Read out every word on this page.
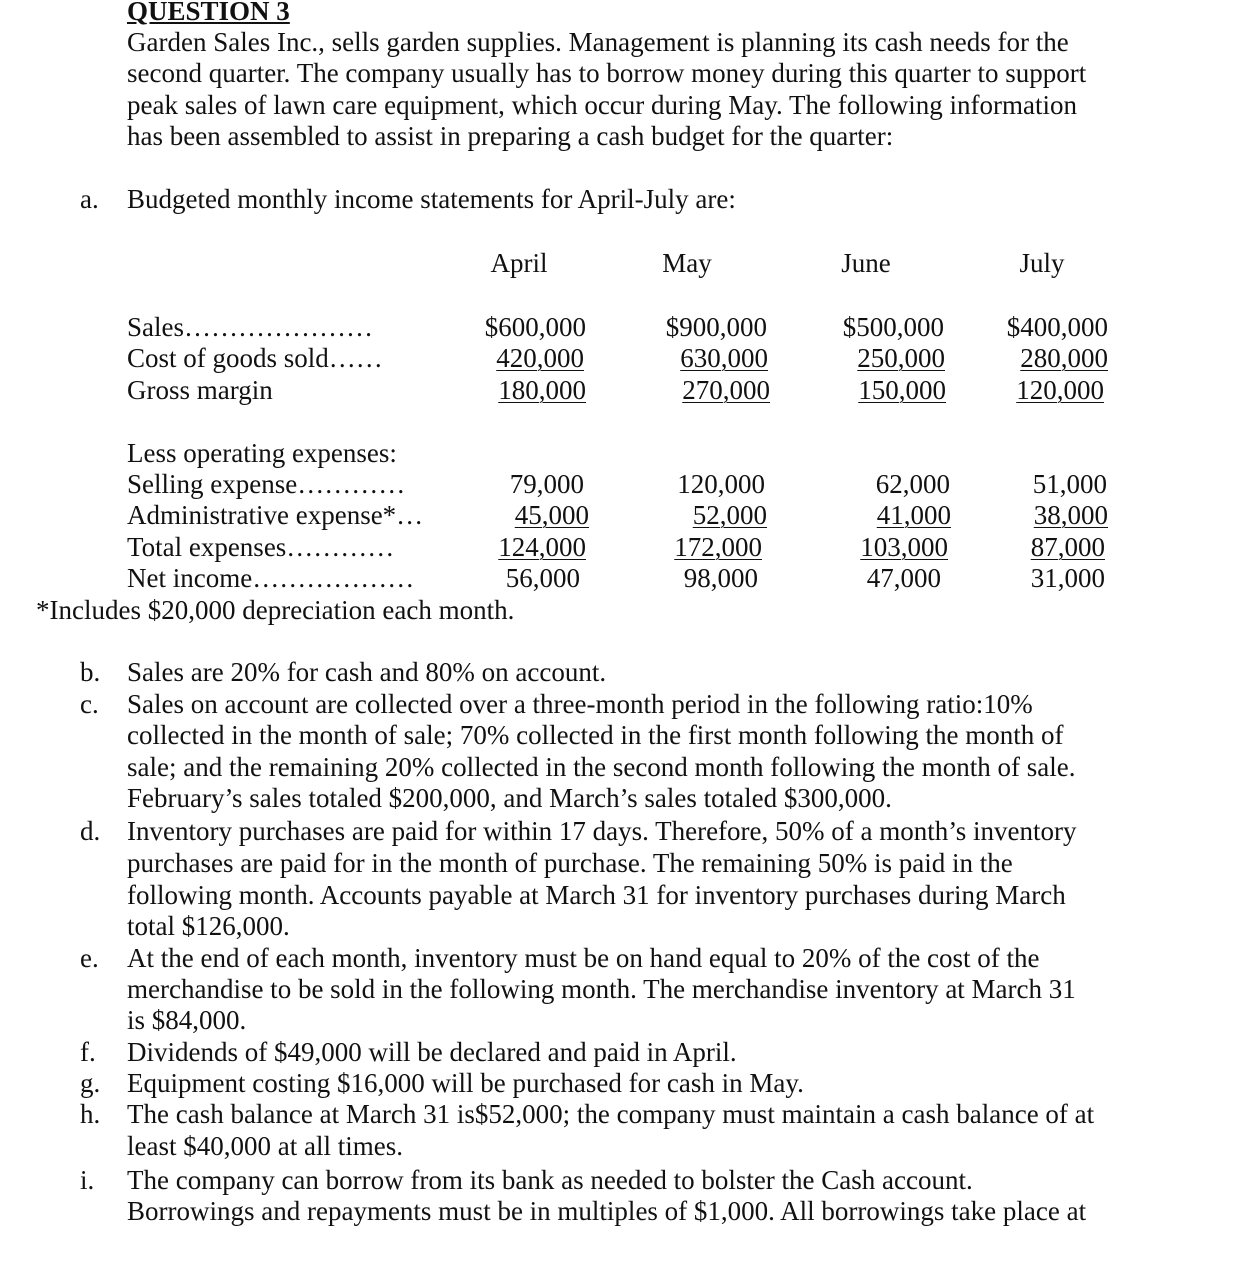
QUESTION 3
Garden Sales Inc., sells garden supplies. Management is planning its cash needs for the
second quarter. The company usually has to borrow money during this quarter to support
peak sales of lawn care equipment, which occur during May. The following information
has been assembled to assist in preparing a cash budget for the quarter:
a. Budgeted monthly income statements for April-July are:
April	May	June	July
Sales…………………	$600,000	$900,000	$500,000	$400,000
Cost of goods sold……	420,000	630,000	250,000	280,000
Gross margin	180,000	270,000	150,000	120,000
Less operating expenses:
Selling expense…………	79,000	120,000	62,000	51,000
Administrative expense*…	45,000	52,000	41,000	38,000
Total expenses…………	124,000	172,000	103,000	87,000
Net income………………	56,000	98,000	47,000	31,000
*Includes $20,000 depreciation each month.
b. Sales are 20% for cash and 80% on account.
c. Sales on account are collected over a three-month period in the following ratio:10%
collected in the month of sale; 70% collected in the first month following the month of
sale; and the remaining 20% collected in the second month following the month of sale.
February’s sales totaled $200,000, and March’s sales totaled $300,000.
d. Inventory purchases are paid for within 17 days. Therefore, 50% of a month’s inventory
purchases are paid for in the month of purchase. The remaining 50% is paid in the
following month. Accounts payable at March 31 for inventory purchases during March
total $126,000.
e. At the end of each month, inventory must be on hand equal to 20% of the cost of the
merchandise to be sold in the following month. The merchandise inventory at March 31
is $84,000.
f. Dividends of $49,000 will be declared and paid in April.
g. Equipment costing $16,000 will be purchased for cash in May.
h. The cash balance at March 31 is$52,000; the company must maintain a cash balance of at
least $40,000 at all times.
i. The company can borrow from its bank as needed to bolster the Cash account.
Borrowings and repayments must be in multiples of $1,000. All borrowings take place at
